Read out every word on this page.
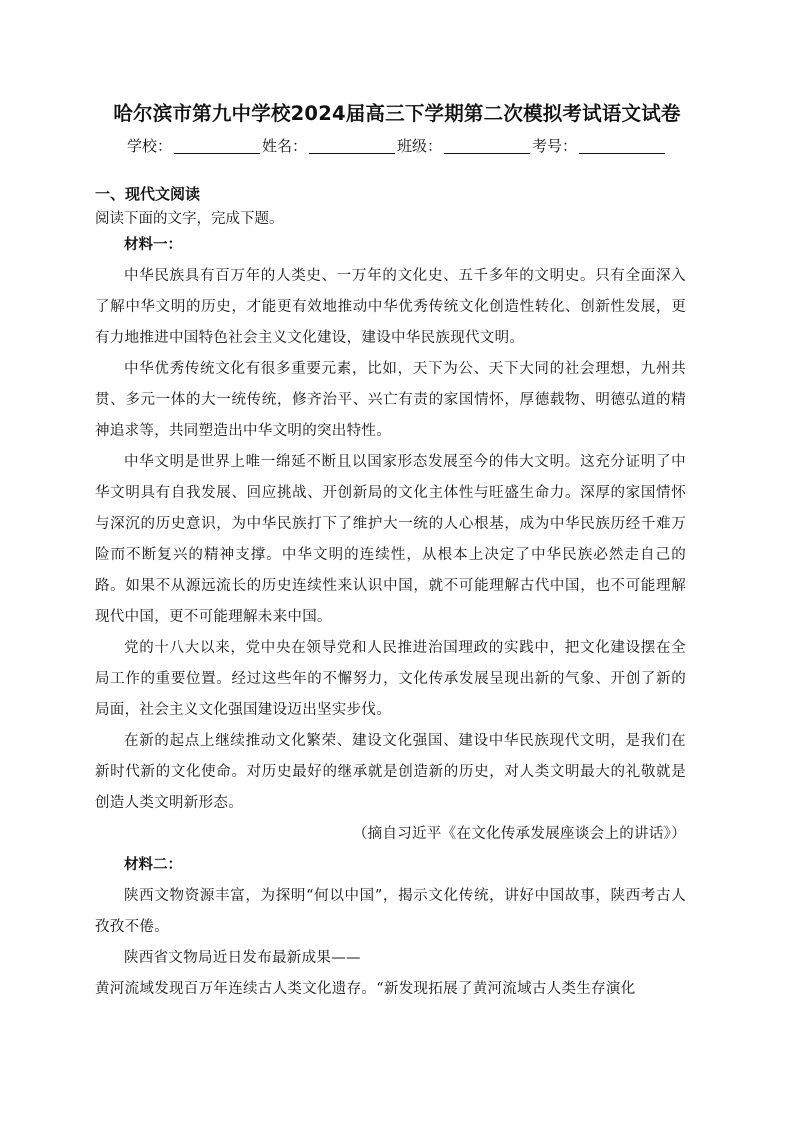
哈尔滨市第九中学校2024届高三下学期第二次模拟考试语文试卷
学校：	姓名：	班级：	考号：
一、现代文阅读
阅读下面的文字，完成下题。

材料一：

中华民族具有百万年的人类史、一万年的文化史、五千多年的文明史。只有全面深入了解中华文明的历史，才能更有效地推动中华优秀传统文化创造性转化、创新性发展，更有力地推进中国特色社会主义文化建设，建设中华民族现代文明。

中华优秀传统文化有很多重要元素，比如，天下为公、天下大同的社会理想，九州共贯、多元一体的大一统传统，修齐治平、兴亡有责的家国情怀，厚德载物、明德弘道的精神追求等，共同塑造出中华文明的突出特性。

中华文明是世界上唯一绵延不断且以国家形态发展至今的伟大文明。这充分证明了中华文明具有自我发展、回应挑战、开创新局的文化主体性与旺盛生命力。深厚的家国情怀与深沉的历史意识，为中华民族打下了维护大一统的人心根基，成为中华民族历经千难万险而不断复兴的精神支撑。中华文明的连续性，从根本上决定了中华民族必然走自己的路。如果不从源远流长的历史连续性来认识中国，就不可能理解古代中国，也不可能理解现代中国，更不可能理解未来中国。

党的十八大以来，党中央在领导党和人民推进治国理政的实践中，把文化建设摆在全局工作的重要位置。经过这些年的不懈努力，文化传承发展呈现出新的气象、开创了新的局面，社会主义文化强国建设迈出坚实步伐。

在新的起点上继续推动文化繁荣、建设文化强国、建设中华民族现代文明，是我们在新时代新的文化使命。对历史最好的继承就是创造新的历史，对人类文明最大的礼敬就是创造人类文明新形态。

（摘自习近平《在文化传承发展座谈会上的讲话》）

材料二：

陕西文物资源丰富，为探明“何以中国”，揭示文化传统，讲好中国故事，陕西考古人孜孜不倦。

陕西省文物局近日发布最新成果——

黄河流域发现百万年连续古人类文化遗存。“新发现拓展了黄河流域古人类生存演化
